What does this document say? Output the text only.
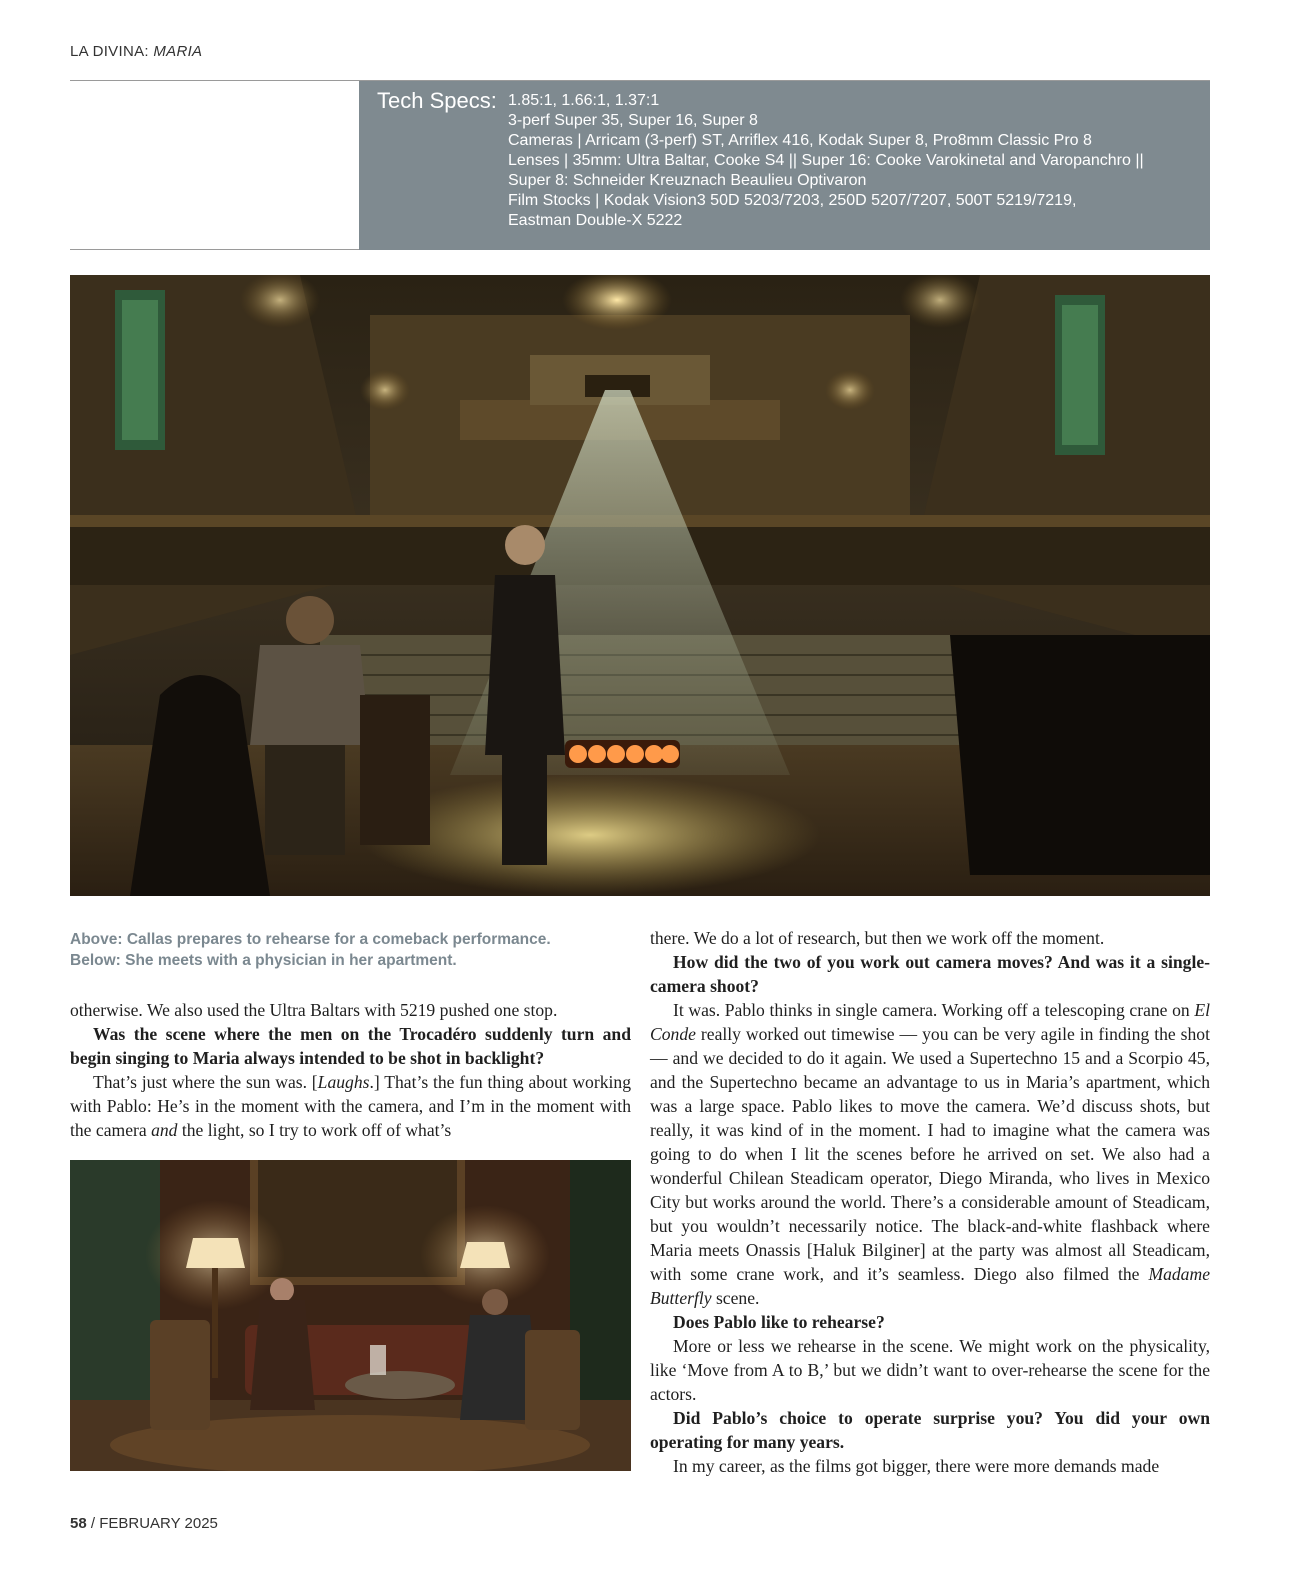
LA DIVINA: MARIA
Tech Specs: 1.85:1, 1.66:1, 1.37:1
3-perf Super 35, Super 16, Super 8
Cameras | Arricam (3-perf) ST, Arriflex 416, Kodak Super 8, Pro8mm Classic Pro 8
Lenses | 35mm: Ultra Baltar, Cooke S4 || Super 16: Cooke Varokinetal and Varopanchro ||
Super 8: Schneider Kreuznach Beaulieu Optivaron
Film Stocks | Kodak Vision3 50D 5203/7203, 250D 5207/7207, 500T 5219/7219,
Eastman Double-X 5222
Above: Callas prepares to rehearse for a comeback performance.
Below: She meets with a physician in her apartment.

otherwise. We also used the Ultra Baltars with 5219 pushed one stop.

Was the scene where the men on the Trocadéro suddenly turn and begin singing to Maria always intended to be shot in backlight?

That’s just where the sun was. [Laughs.] That’s the fun thing about working with Pablo: He’s in the moment with the camera, and I’m in the moment with the camera and the light, so I try to work off of what’s

there. We do a lot of research, but then we work off the moment.

How did the two of you work out camera moves? And was it a single-camera shoot?

It was. Pablo thinks in single camera. Working off a telescoping crane on El Conde really worked out timewise — you can be very agile in finding the shot — and we decided to do it again. We used a Supertechno 15 and a Scorpio 45, and the Supertechno became an advantage to us in Maria’s apartment, which was a large space. Pablo likes to move the camera. We’d discuss shots, but really, it was kind of in the moment. I had to imagine what the camera was going to do when I lit the scenes before he arrived on set. We also had a wonderful Chilean Steadicam operator, Diego Miranda, who lives in Mexico City but works around the world. There’s a considerable amount of Steadicam, but you wouldn’t necessarily notice. The black-and-white flashback where Maria meets Onassis [Haluk Bilginer] at the party was almost all Steadicam, with some crane work, and it’s seamless. Diego also filmed the Madame Butterfly scene.

Does Pablo like to rehearse?

More or less we rehearse in the scene. We might work on the physicality, like ‘Move from A to B,’ but we didn’t want to over-rehearse the scene for the actors.

Did Pablo’s choice to operate surprise you? You did your own operating for many years.

In my career, as the films got bigger, there were more demands made

58 / FEBRUARY 2025
